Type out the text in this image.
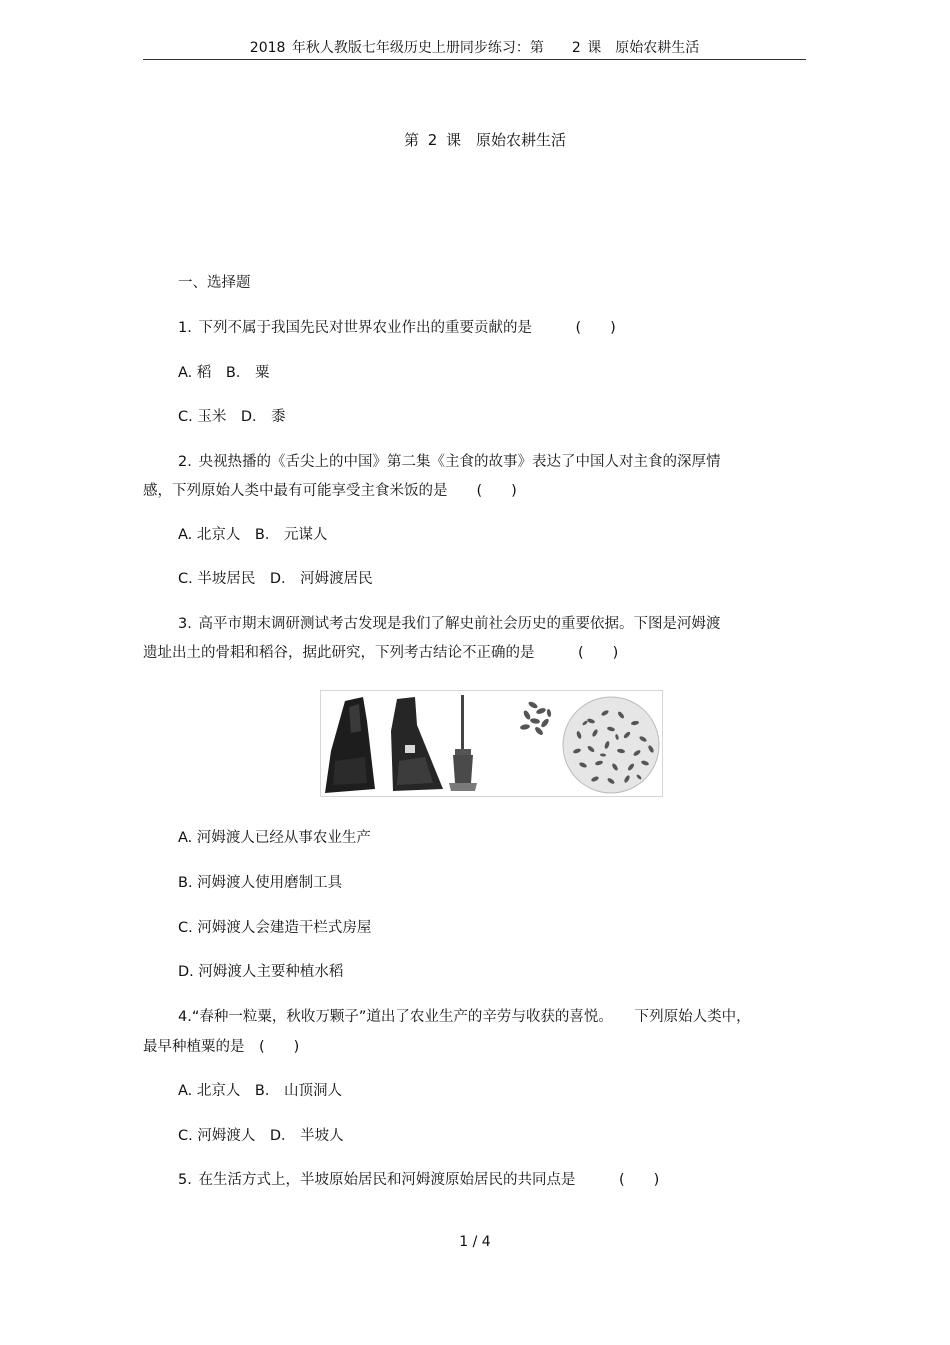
2018 年秋人教版七年级历史上册同步练习：第　　2 课　原始农耕生活
第 2 课　原始农耕生活
一、选择题
1. 下列不属于我国先民对世界农业作出的重要贡献的是　　　(　　)
A. 稻　B． 粟
C. 玉米　D． 黍
2. 央视热播的《舌尖上的中国》第二集《主食的故事》表达了中国人对主食的深厚情
感，下列原始人类中最有可能享受主食米饭的是　　(　　)
A. 北京人　B． 元谋人
C. 半坡居民　D． 河姆渡居民
3. 高平市期末调研测试考古发现是我们了解史前社会历史的重要依据。下图是河姆渡
遗址出土的骨耜和稻谷，据此研究，下列考古结论不正确的是　　　(　　)
A. 河姆渡人已经从事农业生产
B. 河姆渡人使用磨制工具
C. 河姆渡人会建造干栏式房屋
D. 河姆渡人主要种植水稻
4.“春种一粒粟，秋收万颗子”道出了农业生产的辛劳与收获的喜悦。　　下列原始人类中，
最早种植粟的是　(　　)
A. 北京人　B． 山顶洞人
C. 河姆渡人　D． 半坡人
5. 在生活方式上，半坡原始居民和河姆渡原始居民的共同点是　　　(　　)
1 / 4
